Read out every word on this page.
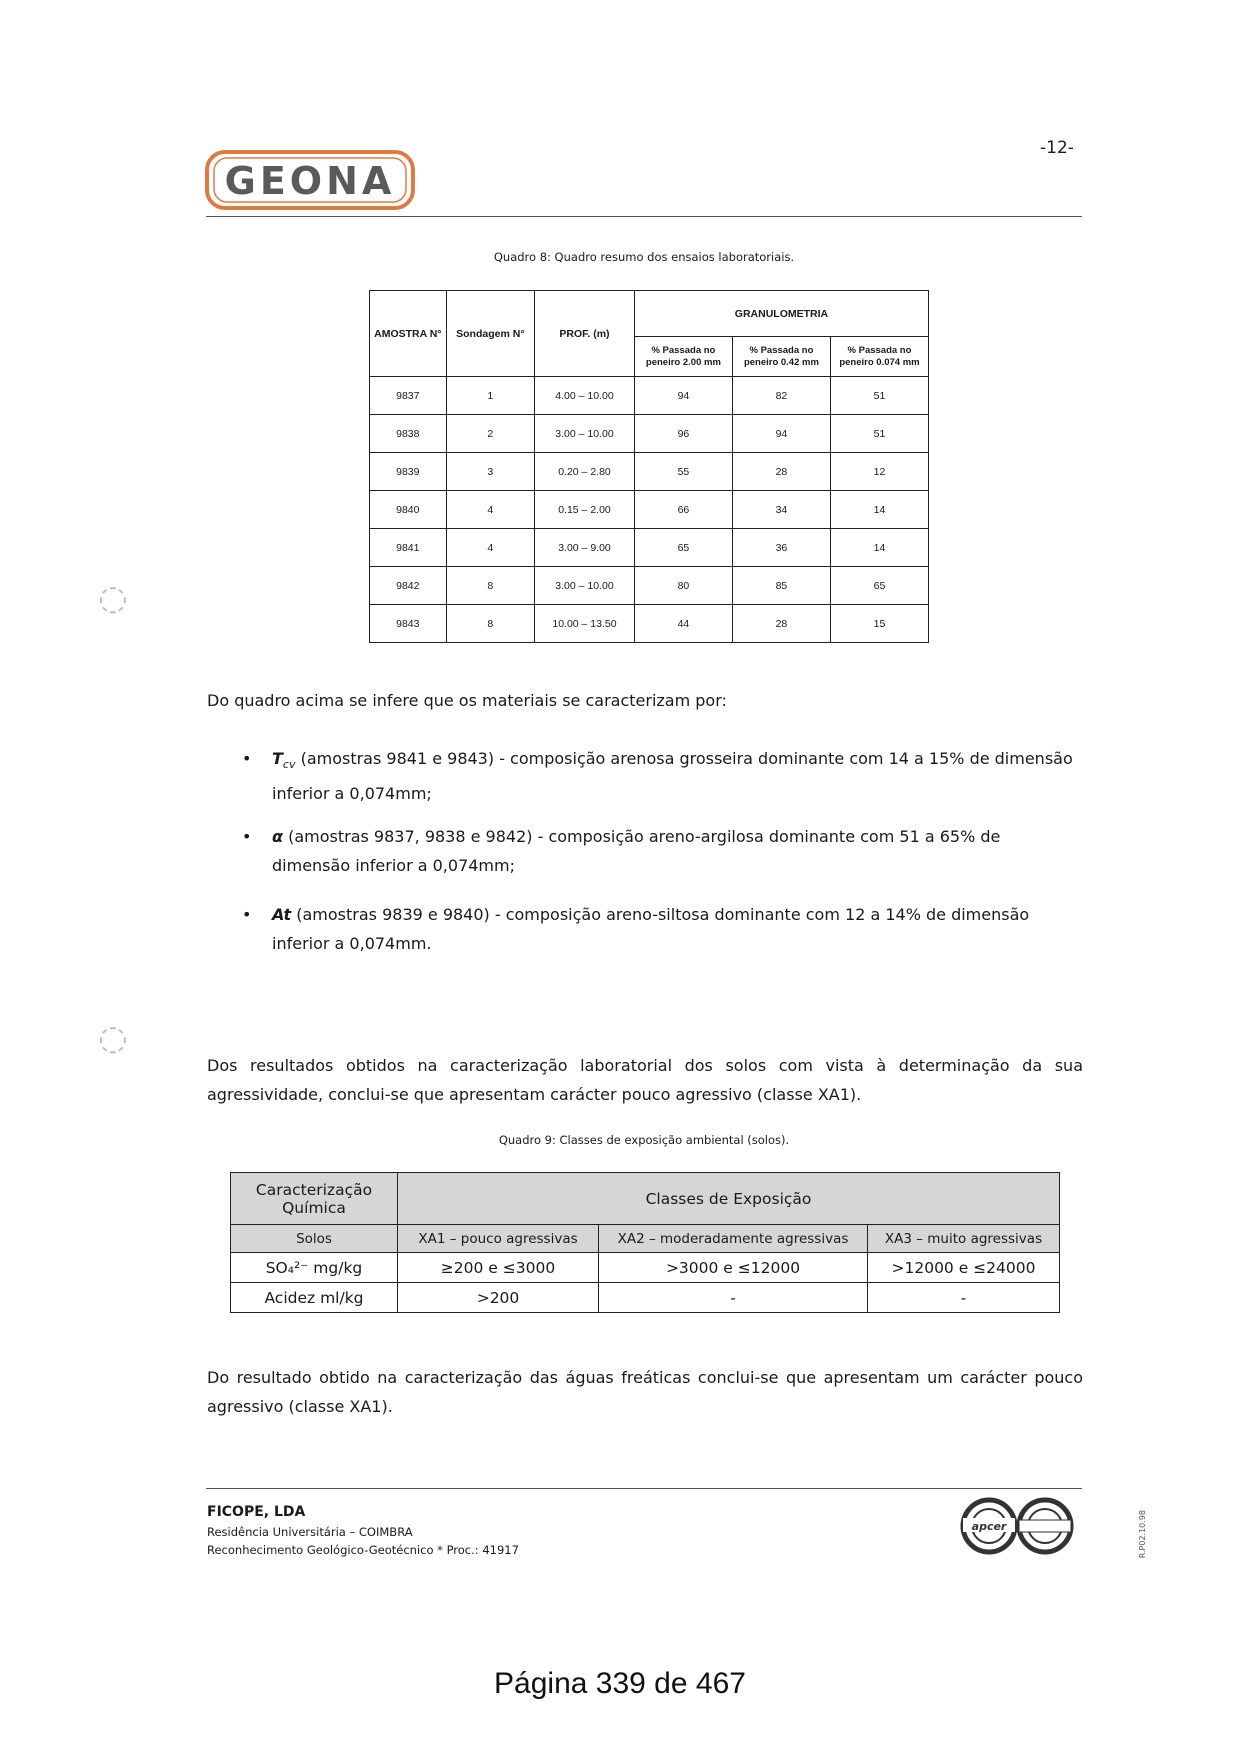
◌
◌
GEONA
-12-
Quadro 8: Quadro resumo dos ensaios laboratoriais.
AMOSTRA N°	Sondagem N°	PROF. (m)	GRANULOMETRIA		
			% Passada no peneiro 2.00 mm	% Passada no peneiro 0.42 mm	% Passada no peneiro 0.074 mm
9837	1	4.00 – 10.00	94	82	51
9838	2	3.00 – 10.00	96	94	51
9839	3	0.20 – 2.80	55	28	12
9840	4	0.15 – 2.00	66	34	14
9841	4	3.00 – 9.00	65	36	14
9842	8	3.00 – 10.00	80	85	65
9843	8	10.00 – 13.50	44	28	15
Do quadro acima se infere que os materiais se caracterizam por:
• $T_{cv}$ (amostras 9841 e 9843) - composição arenosa grosseira dominante com 14 a 15% de dimensão inferior a 0,074mm;
• α (amostras 9837, 9838 e 9842) - composição areno-argilosa dominante com 51 a 65% de dimensão inferior a 0,074mm;
• At (amostras 9839 e 9840) - composição areno-siltosa dominante com 12 a 14% de dimensão inferior a 0,074mm.
Dos resultados obtidos na caracterização laboratorial dos solos com vista à determinação da sua agressividade, conclui-se que apresentam carácter pouco agressivo (classe XA1).
Quadro 9: Classes de exposição ambiental (solos).
Caracterização Química	Classes de Exposição		
Solos	XA1 – pouco agressivas	XA2 – moderadamente agressivas	XA3 – muito agressivas
SO₄²⁻ mg/kg	≥200 e ≤3000	>3000 e ≤12000	>12000 e ≤24000
Acidez ml/kg	>200	-	-
Do resultado obtido na caracterização das águas freáticas conclui-se que apresentam um carácter pouco agressivo (classe XA1).
FICOPE, LDA
Residência Universitária – COIMBRA
Reconhecimento Geológico-Geotécnico * Proc.: 41917
apcer	R.P02.10.98
Página 339 de 467
